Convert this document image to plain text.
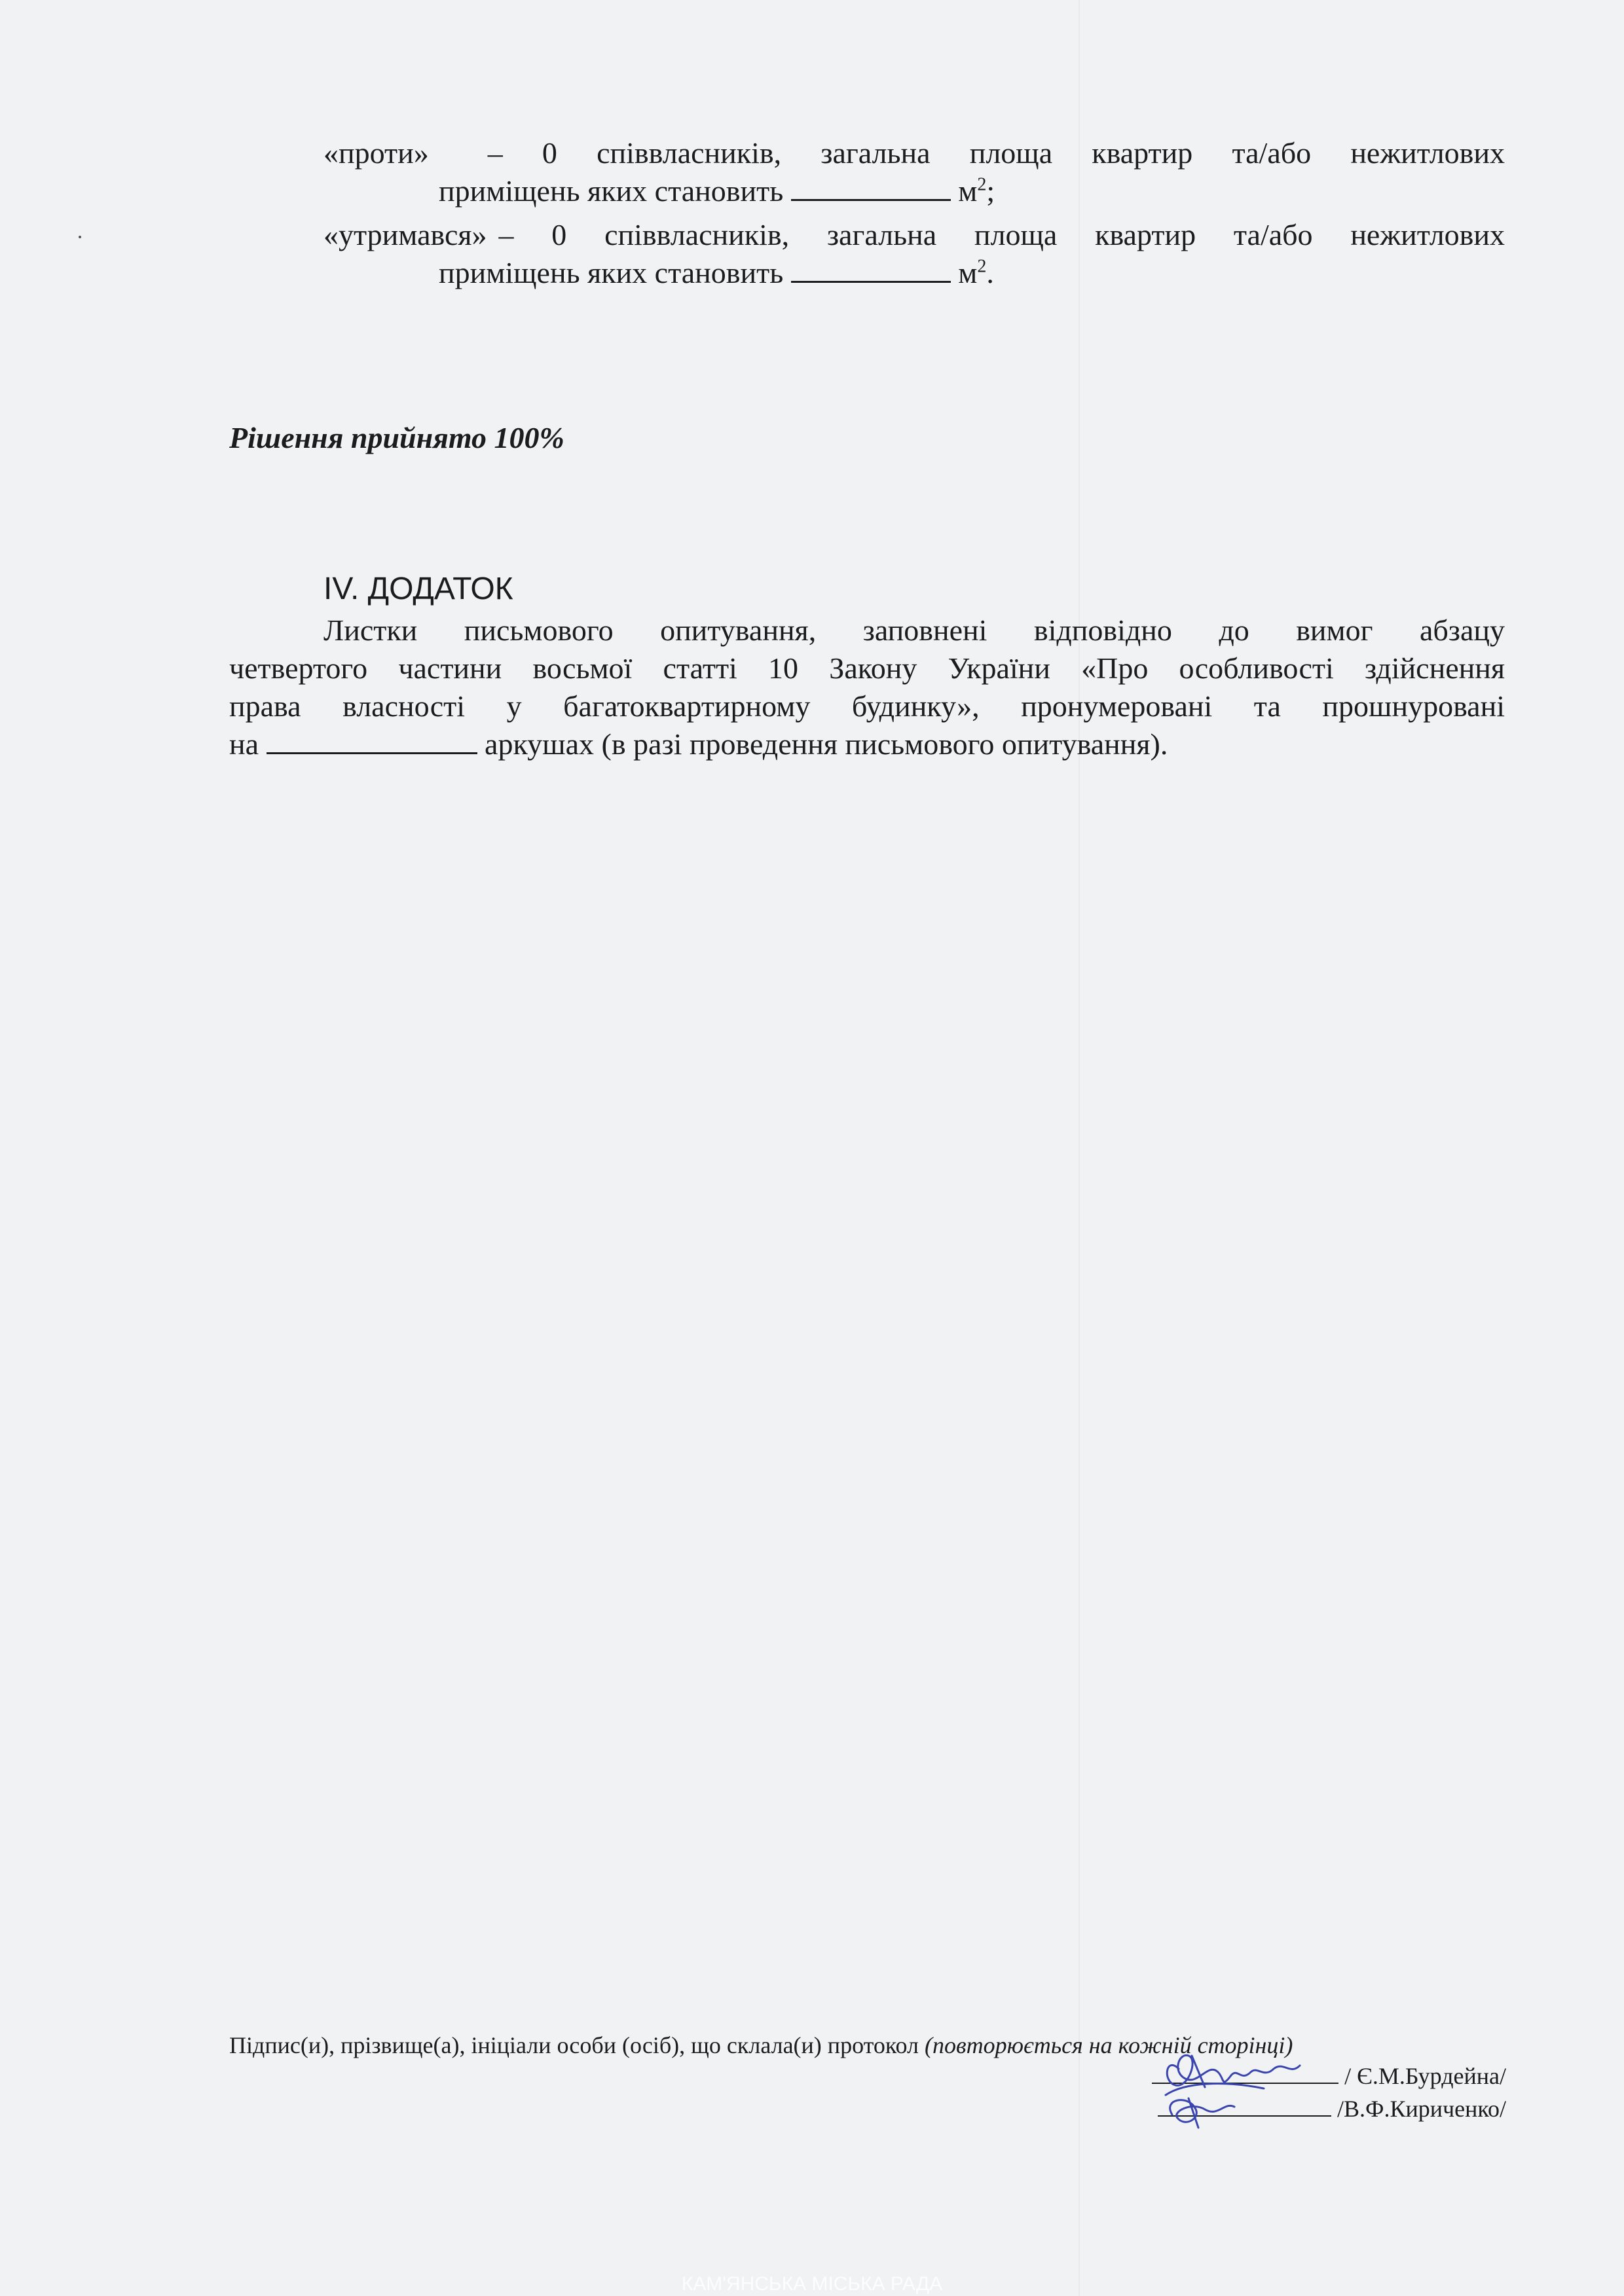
«проти»	– 0 співвласників, загальна площа квартир та/або нежитлових
приміщень яких становить	$м^2$;
«утримався» – 0 співвласників, загальна площа квартир та/або нежитлових
приміщень яких становить	$м^2$.
Рішення прийнято 100%
IV. ДОДАТОК

Листки письмового опитування, заповнені відповідно до вимог абзацу

четвертого частини восьмої статті 10 Закону України «Про особливості здійснення

права власності у багатоквартирному будинку», пронумеровані та прошнуровані

на	аркушах (в разі проведення письмового опитування).

Підпис(и), прізвище(а), ініціали особи (осіб), що склала(и) протокол (повторюється на кожній сторінці)
/ Є.М.Бурдейна/
/В.Ф.Кириченко/
КАМ'ЯНСЬКА МІСЬКА РАДА
